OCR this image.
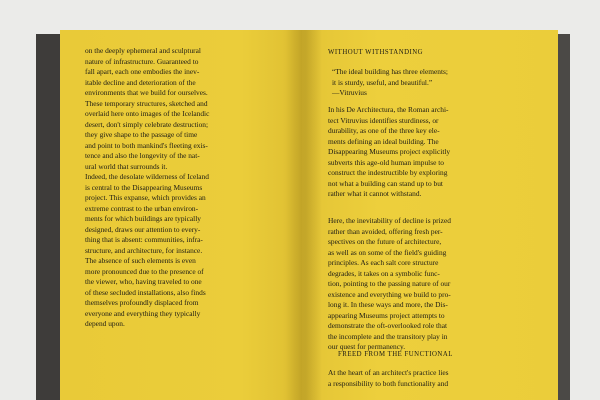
on the deeply ephemeral and sculptural
nature of infrastructure. Guaranteed to
fall apart, each one embodies the inev-
itable decline and deterioration of the
environments that we build for ourselves.
These temporary structures, sketched and
overlaid here onto images of the Icelandic
desert, don't simply celebrate destruction;
they give shape to the passage of time
and point to both mankind's fleeting exis-
tence and also the longevity of the nat-
ural world that surrounds it.
Indeed, the desolate wilderness of Iceland
is central to the Disappearing Museums
project. This expanse, which provides an
extreme contrast to the urban environ-
ments for which buildings are typically
designed, draws our attention to every-
thing that is absent: communities, infra-
structure, and architecture, for instance.
The absence of such elements is even
more pronounced due to the presence of
the viewer, who, having traveled to one
of these secluded installations, also finds
themselves profoundly displaced from
everyone and everything they typically
depend upon.
WITHOUT WITHSTANDING
“The ideal building has three elements;
it is sturdy, useful, and beautiful.”
—Vitruvius
In his De Architectura, the Roman archi-
tect Vitruvius identifies sturdiness, or
durability, as one of the three key ele-
ments defining an ideal building. The
Disappearing Museums project explicitly
subverts this age-old human impulse to
construct the indestructible by exploring
not what a building can stand up to but
rather what it cannot withstand.
Here, the inevitability of decline is prized
rather than avoided, offering fresh per-
spectives on the future of architecture,
as well as on some of the field's guiding
principles. As each salt core structure
degrades, it takes on a symbolic func-
tion, pointing to the passing nature of our
existence and everything we build to pro-
long it. In these ways and more, the Dis-
appearing Museums project attempts to
demonstrate the oft-overlooked role that
the incomplete and the transitory play in
our quest for permanency.
FREED FROM THE FUNCTIONAL
At the heart of an architect's practice lies
a responsibility to both functionality and
